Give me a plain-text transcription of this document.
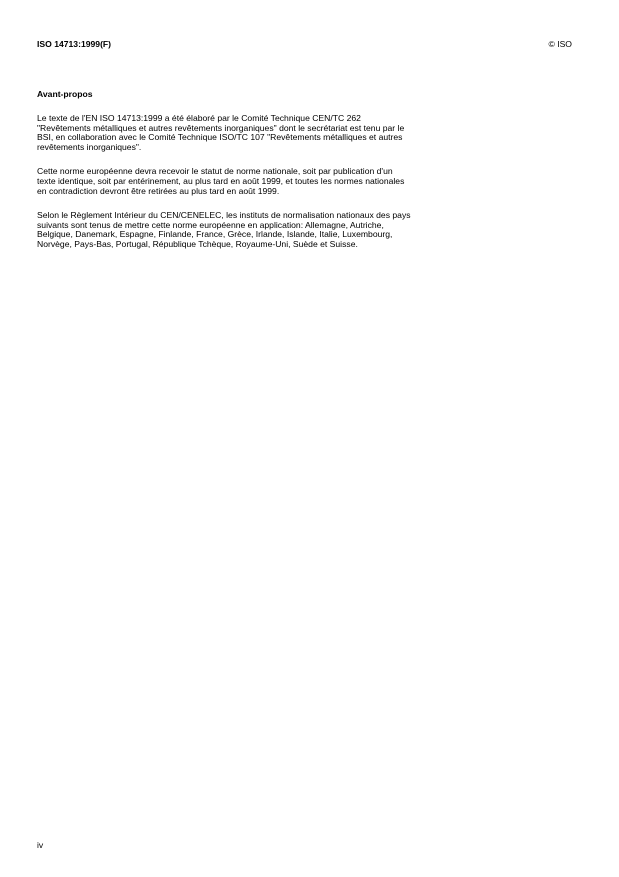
ISO 14713:1999(F)	© ISO
Avant-propos
Le texte de l'EN ISO 14713:1999 a été élaboré par le Comité Technique CEN/TC 262
"Revêtements métalliques et autres revêtements inorganiques" dont le secrétariat est tenu par le
BSI, en collaboration avec le Comité Technique ISO/TC 107 "Revêtements métalliques et autres
revêtements inorganiques".
Cette norme européenne devra recevoir le statut de norme nationale, soit par publication d'un
texte identique, soit par entérinement, au plus tard en août 1999, et toutes les normes nationales
en contradiction devront être retirées au plus tard en août 1999.
Selon le Règlement Intérieur du CEN/CENELEC, les instituts de normalisation nationaux des pays
suivants sont tenus de mettre cette norme européenne en application: Allemagne, Autriche,
Belgique, Danemark, Espagne, Finlande, France, Grèce, Irlande, Islande, Italie, Luxembourg,
Norvège, Pays-Bas, Portugal, République Tchèque, Royaume-Uni, Suède et Suisse.
iv
